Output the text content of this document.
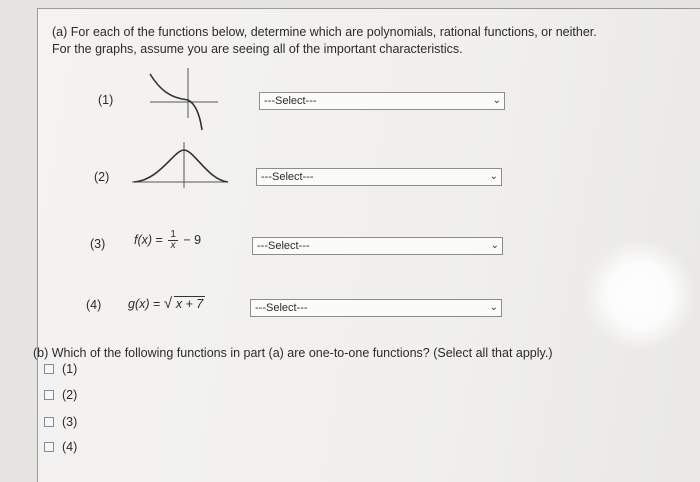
(a) For each of the functions below, determine which are polynomials, rational functions, or neither.
For the graphs, assume you are seeing all of the important characteristics.
(1)	---Select---	⌄
(2)	---Select---	⌄
(3) $f(x) = \frac{1}{x} - 9$	---Select---	⌄
(4) g(x) = √ x + 7	---Select---	⌄
(b) Which of the following functions in part (a) are one-to-one functions? (Select all that apply.)
(1)
(2)
(3)
(4)
